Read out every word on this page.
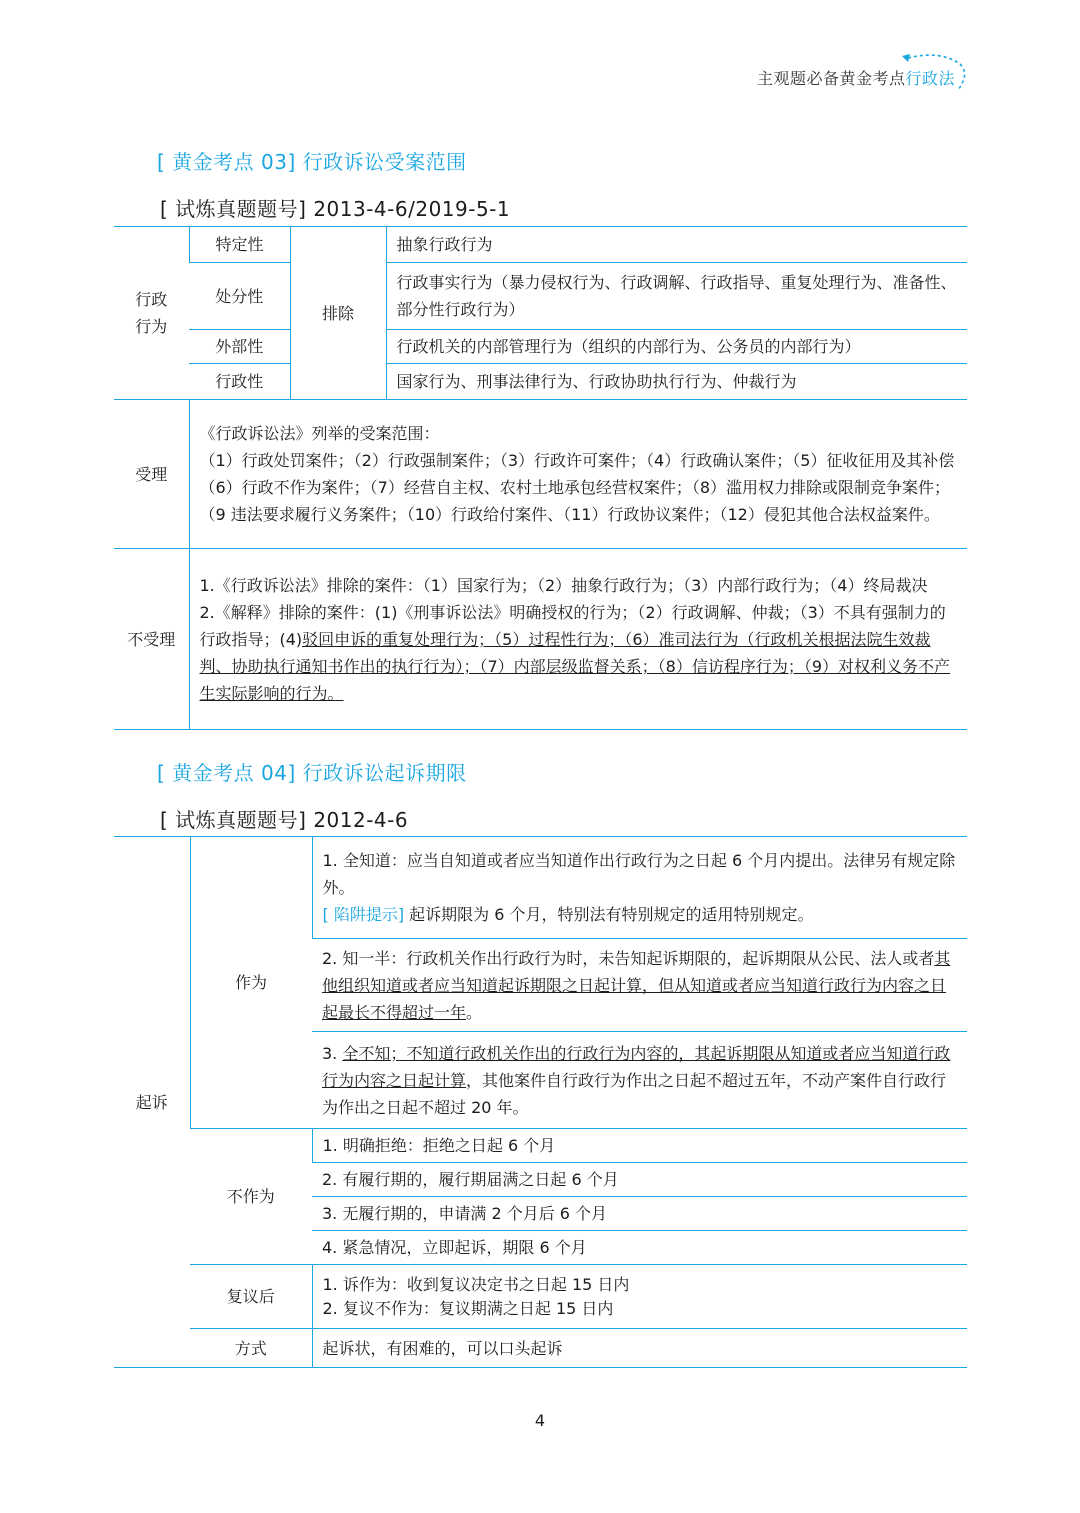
主观题必备黄金考点行政法
[ 黄金考点 03] 行政诉讼受案范围
[ 试炼真题题号] 2013-4-6/2019-5-1
行政行为	特定性	排除	抽象行政行为
	处分性		行政事实行为（暴力侵权行为、行政调解、行政指导、重复处理行为、准备性、部分性行政行为）
	外部性		行政机关的内部管理行为（组织的内部行为、公务员的内部行为）
	行政性		国家行为、刑事法律行为、行政协助执行行为、仲裁行为
受理	《行政诉讼法》列举的受案范围：
（1）行政处罚案件；（2）行政强制案件；（3）行政许可案件；（4）行政确认案件；（5）征收征用及其补偿（6）行政不作为案件；（7）经营自主权、农村土地承包经营权案件；（8）滥用权力排除或限制竞争案件；（9 违法要求履行义务案件；（10）行政给付案件、（11）行政协议案件；（12）侵犯其他合法权益案件。		

不受理	1.《行政诉讼法》排除的案件：（1）国家行为；（2）抽象行政行为；（3）内部行政行为；（4）终局裁决
2.《解释》排除的案件：(1)《刑事诉讼法》明确授权的行为；（2）行政调解、仲裁；（3）不具有强制力的行政指导；(4)驳回申诉的重复处理行为；（5）过程性行为；（6）准司法行为（行政机关根据法院生效裁判、协助执行通知书作出的执行行为）；（7）内部层级监督关系；（8）信访程序行为；（9）对权利义务不产生实际影响的行为。		
[ 黄金考点 04] 行政诉讼起诉期限
[ 试炼真题题号] 2012-4-6
起诉	作为	1. 全知道：应当自知道或者应当知道作出行政行为之日起 6 个月内提出。法律另有规定除外。
[ 陷阱提示] 起诉期限为 6 个月，特别法有特别规定的适用特别规定。

		2. 知一半：行政机关作出行政行为时，未告知起诉期限的，起诉期限从公民、法人或者其他组织知道或者应当知道起诉期限之日起计算，但从知道或者应当知道行政行为内容之日起最长不得超过一年。
		3. 全不知；不知道行政机关作出的行政行为内容的，其起诉期限从知道或者应当知道行政行为内容之日起计算，其他案件自行政行为作出之日起不超过五年，不动产案件自行政行为作出之日起不超过 20 年。
	不作为	1. 明确拒绝：拒绝之日起 6 个月
		2. 有履行期的，履行期届满之日起 6 个月
		3. 无履行期的，申请满 2 个月后 6 个月
		4. 紧急情况，立即起诉，期限 6 个月
	复议后	1. 诉作为：收到复议决定书之日起 15 日内
2. 复议不作为：复议期满之日起 15 日内

	方式	起诉状，有困难的，可以口头起诉
4
